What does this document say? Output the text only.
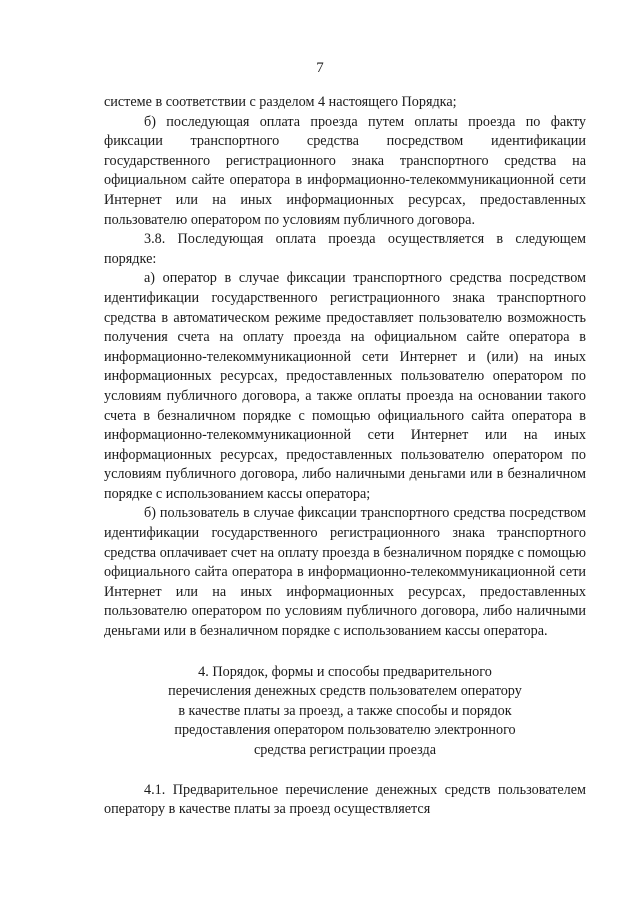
7

системе в соответствии с разделом 4 настоящего Порядка;

б) последующая оплата проезда путем оплаты проезда по факту фиксации транспортного средства посредством идентификации государственного регистрационного знака транспортного средства на официальном сайте оператора в информационно-телекоммуникационной сети Интернет или на иных информационных ресурсах, предоставленных пользователю оператором по условиям публичного договора.

3.8. Последующая оплата проезда осуществляется в следующем порядке:

а) оператор в случае фиксации транспортного средства посредством идентификации государственного регистрационного знака транспортного средства в автоматическом режиме предоставляет пользователю возможность получения счета на оплату проезда на официальном сайте оператора в информационно-телекоммуникационной сети Интернет и (или) на иных информационных ресурсах, предоставленных пользователю оператором по условиям публичного договора, а также оплаты проезда на основании такого счета в безналичном порядке с помощью официального сайта оператора в информационно-телекоммуникационной сети Интернет или на иных информационных ресурсах, предоставленных пользователю оператором по условиям публичного договора, либо наличными деньгами или в безналичном порядке с использованием кассы оператора;

б) пользователь в случае фиксации транспортного средства посредством идентификации государственного регистрационного знака транспортного средства оплачивает счет на оплату проезда в безналичном порядке с помощью официального сайта оператора в информационно-телекоммуникационной сети Интернет или на иных информационных ресурсах, предоставленных пользователю оператором по условиям публичного договора, либо наличными деньгами или в безналичном порядке с использованием кассы оператора.

4. Порядок, формы и способы предварительного
перечисления денежных средств пользователем оператору
в качестве платы за проезд, а также способы и порядок
предоставления оператором пользователю электронного
средства регистрации проезда

4.1. Предварительное перечисление денежных средств пользователем оператору в качестве платы за проезд осуществляется
